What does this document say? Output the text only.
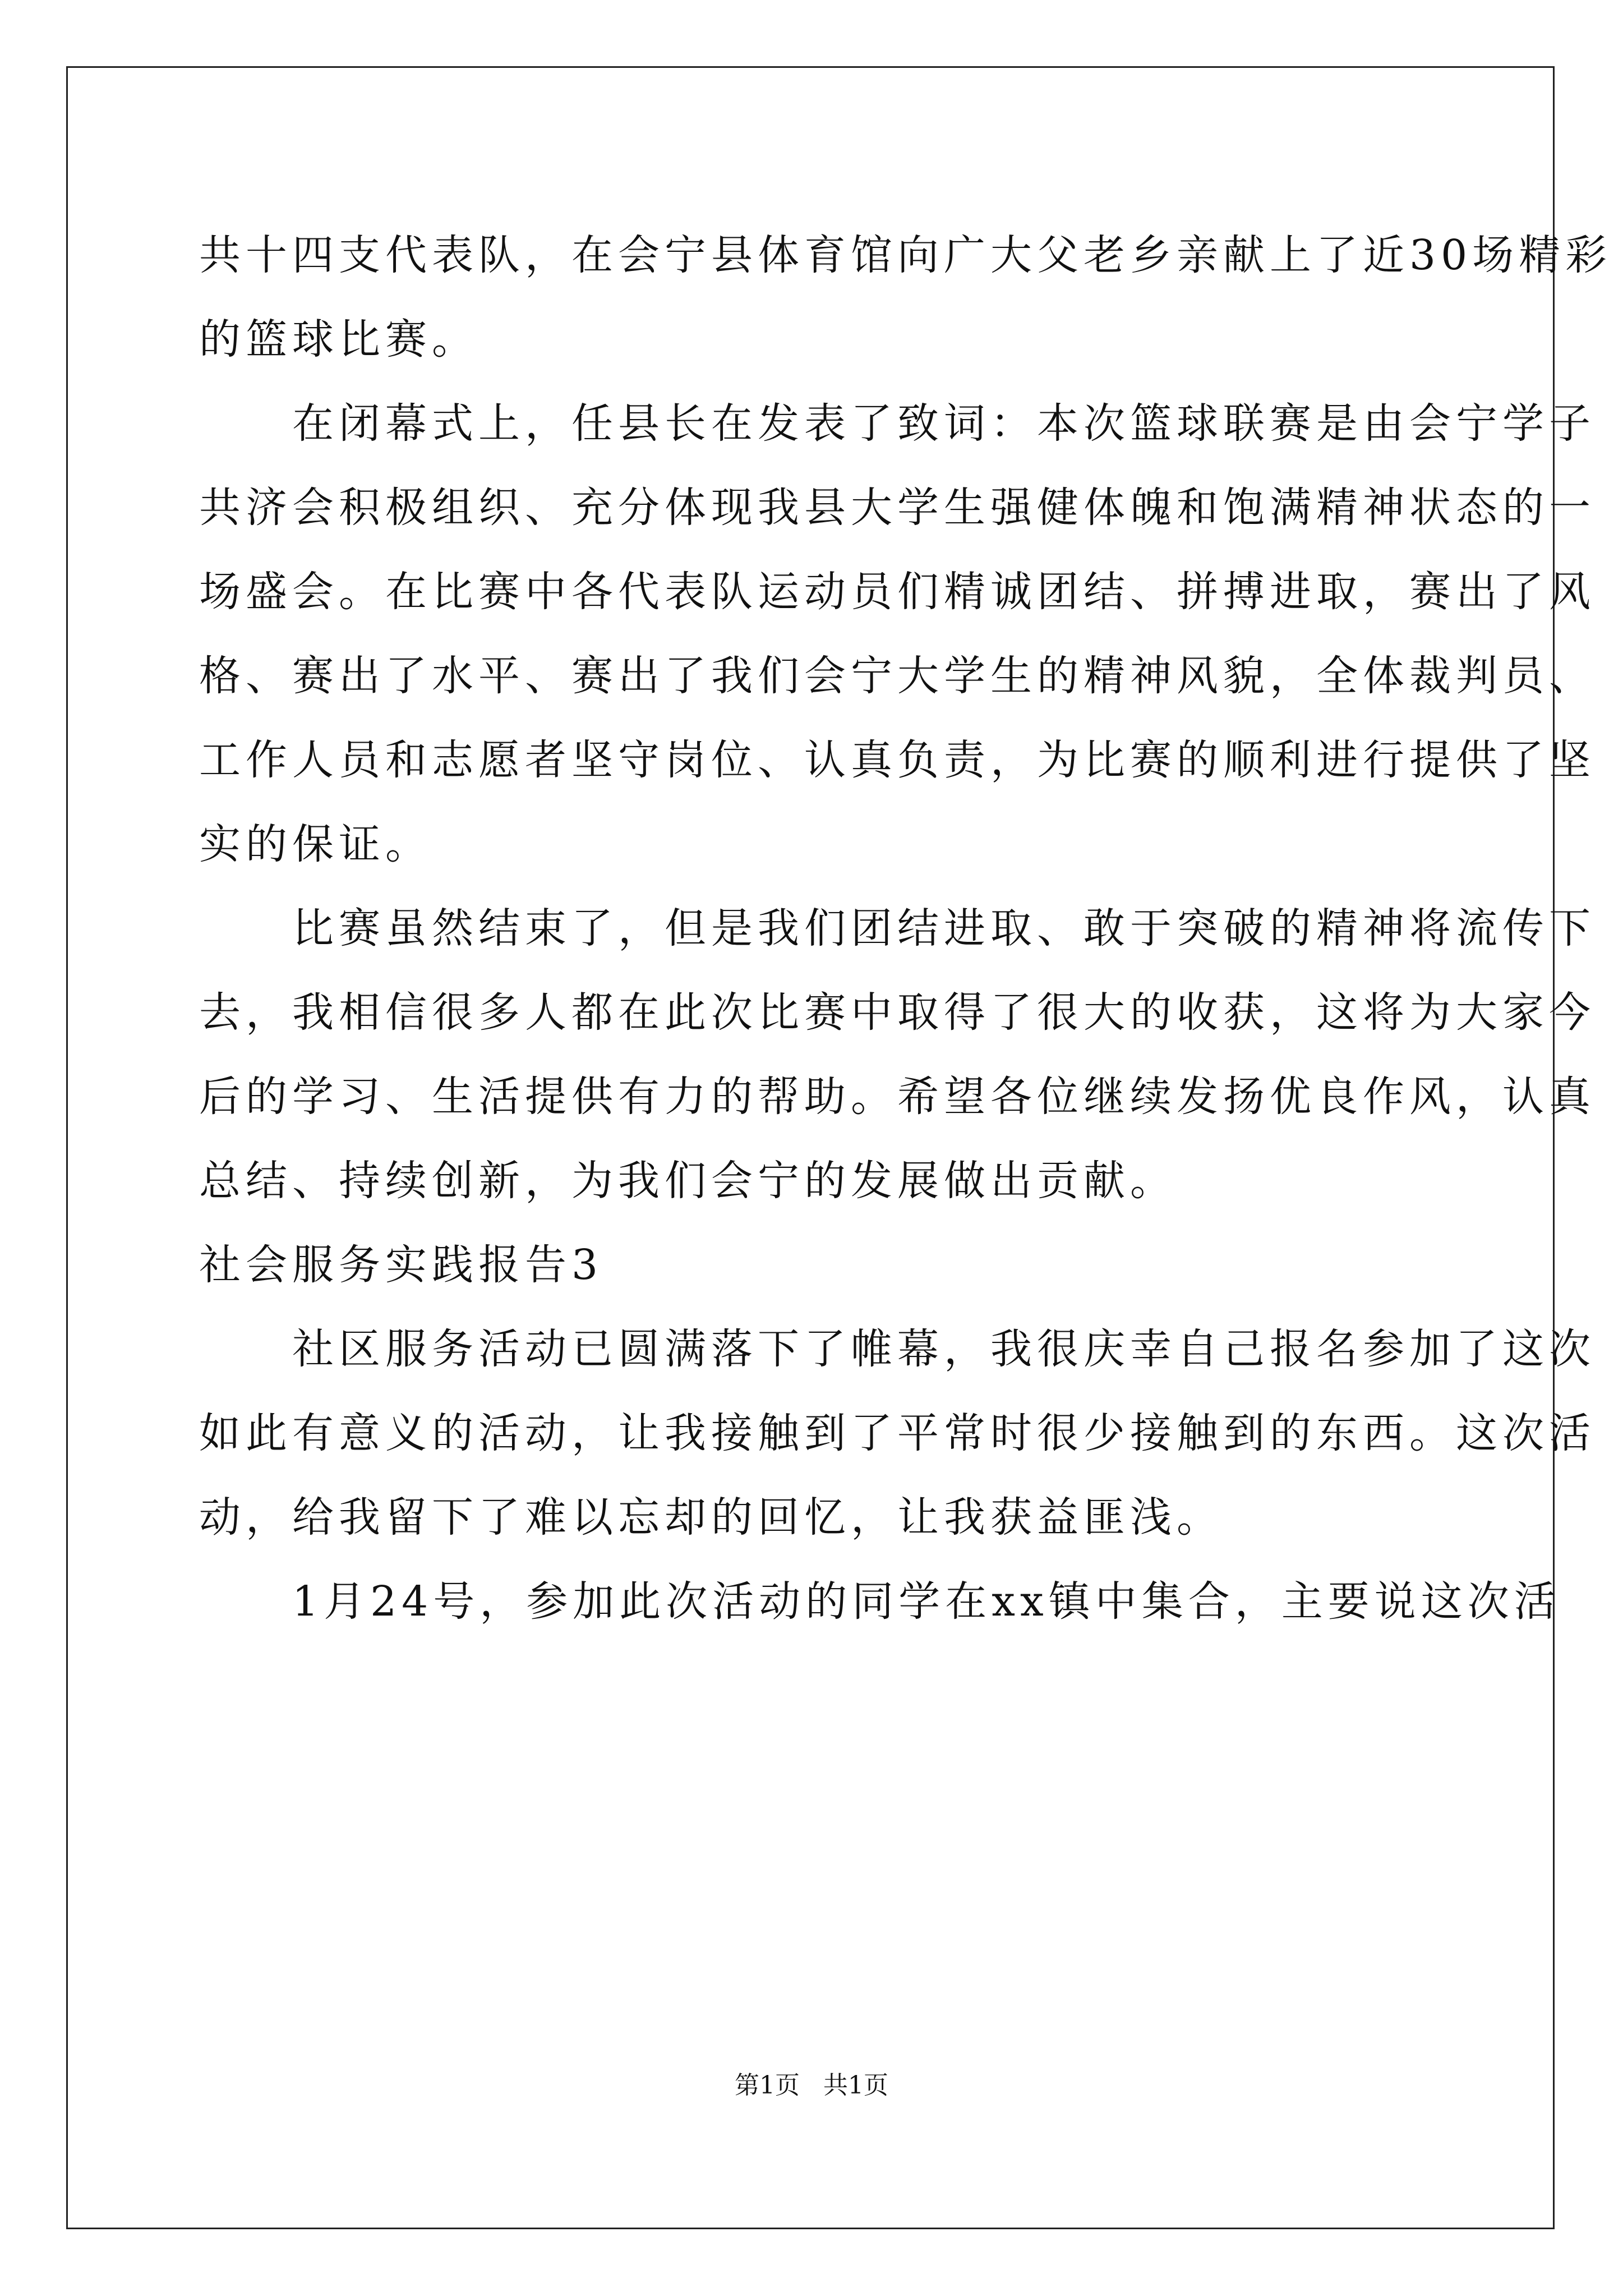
共十四支代表队，在会宁县体育馆向广大父老乡亲献上了近30场精彩
的篮球比赛。
　　在闭幕式上，任县长在发表了致词：本次篮球联赛是由会宁学子
共济会积极组织、充分体现我县大学生强健体魄和饱满精神状态的一
场盛会。在比赛中各代表队运动员们精诚团结、拼搏进取，赛出了风
格、赛出了水平、赛出了我们会宁大学生的精神风貌，全体裁判员、
工作人员和志愿者坚守岗位、认真负责，为比赛的顺利进行提供了坚
实的保证。
　　比赛虽然结束了，但是我们团结进取、敢于突破的精神将流传下
去，我相信很多人都在此次比赛中取得了很大的收获，这将为大家今
后的学习、生活提供有力的帮助。希望各位继续发扬优良作风，认真
总结、持续创新，为我们会宁的发展做出贡献。
社会服务实践报告3
　　社区服务活动已圆满落下了帷幕，我很庆幸自己报名参加了这次
如此有意义的活动，让我接触到了平常时很少接触到的东西。这次活
动，给我留下了难以忘却的回忆，让我获益匪浅。
　　1月24号，参加此次活动的同学在xx镇中集合，主要说这次活
第1页   共1页
